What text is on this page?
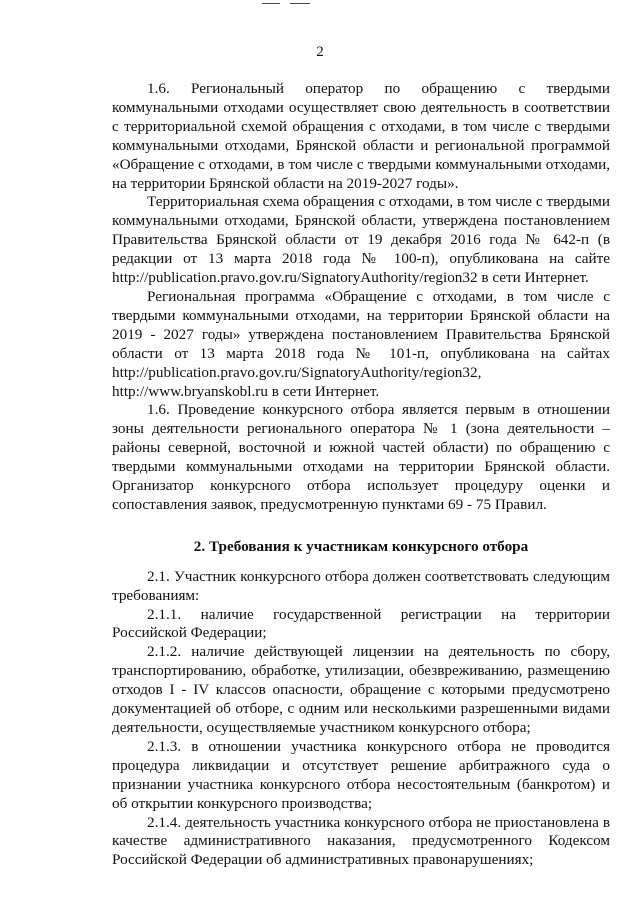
2

1.6. Региональный оператор по обращению с твердыми коммунальными отходами осуществляет свою деятельность в соответствии с территориальной схемой обращения с отходами, в том числе с твердыми коммунальными отходами, Брянской области и региональной программой «Обращение с отходами, в том числе с твердыми коммунальными отходами, на территории Брянской области на 2019-2027 годы».

Территориальная схема обращения с отходами, в том числе с твердыми коммунальными отходами, Брянской области, утверждена постановлением Правительства Брянской области от 19 декабря 2016 года № 642-п (в редакции от 13 марта 2018 года № 100-п), опубликована на сайте http://publication.pravo.gov.ru/SignatoryAuthority/region32 в сети Интернет.

Региональная программа «Обращение с отходами, в том числе с твердыми коммунальными отходами, на территории Брянской области на 2019 - 2027 годы» утверждена постановлением Правительства Брянской области от 13 марта 2018 года № 101-п, опубликована на сайтах http://publication.pravo.gov.ru/SignatoryAuthority/region32,

http://www.bryanskobl.ru в сети Интернет.

1.6. Проведение конкурсного отбора является первым в отношении зоны деятельности регионального оператора № 1 (зона деятельности – районы северной, восточной и южной частей области) по обращению с твердыми коммунальными отходами на территории Брянской области. Организатор конкурсного отбора использует процедуру оценки и сопоставления заявок, предусмотренную пунктами 69 - 75 Правил.

2. Требования к участникам конкурсного отбора

2.1. Участник конкурсного отбора должен соответствовать следующим требованиям:

2.1.1. наличие государственной регистрации на территории Российской Федерации;

2.1.2. наличие действующей лицензии на деятельность по сбору, транспортированию, обработке, утилизации, обезвреживанию, размещению отходов I - IV классов опасности, обращение с которыми предусмотрено документацией об отборе, с одним или несколькими разрешенными видами деятельности, осуществляемые участником конкурсного отбора;

2.1.3. в отношении участника конкурсного отбора не проводится процедура ликвидации и отсутствует решение арбитражного суда о признании участника конкурсного отбора несостоятельным (банкротом) и об открытии конкурсного производства;

2.1.4. деятельность участника конкурсного отбора не приостановлена в качестве административного наказания, предусмотренного Кодексом Российской Федерации об административных правонарушениях;
